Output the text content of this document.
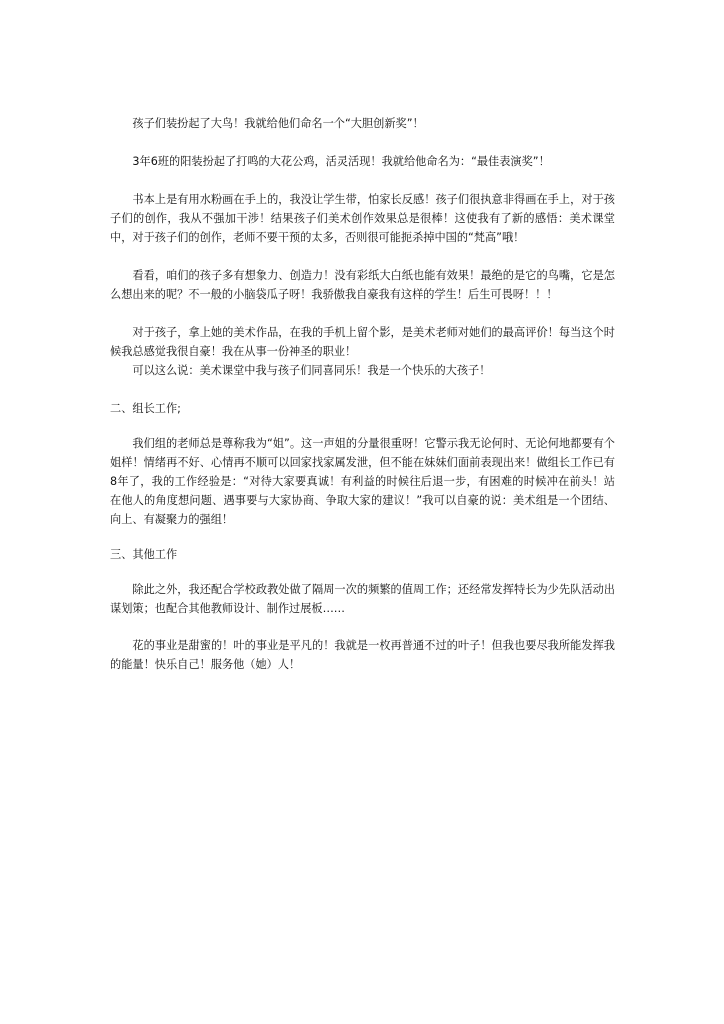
孩子们装扮起了大鸟！我就给他们命名一个“大胆创新奖”！

3年6班的阳装扮起了打鸣的大花公鸡，活灵活现！我就给他命名为：“最佳表演奖”！

书本上是有用水粉画在手上的，我没让学生带，怕家长反感！孩子们很执意非得画在手上，对于孩子们的创作，我从不强加干涉！结果孩子们美术创作效果总是很棒！这使我有了新的感悟：美术课堂中，对于孩子们的创作，老师不要干预的太多，否则很可能扼杀掉中国的“梵高”哦！

看看，咱们的孩子多有想象力、创造力！没有彩纸大白纸也能有效果！最绝的是它的鸟嘴，它是怎么想出来的呢？不一般的小脑袋瓜子呀！我骄傲我自豪我有这样的学生！后生可畏呀！！！

对于孩子，拿上她的美术作品，在我的手机上留个影，是美术老师对她们的最高评价！每当这个时候我总感觉我很自豪！我在从事一份神圣的职业！

可以这么说：美术课堂中我与孩子们同喜同乐！我是一个快乐的大孩子！

二、组长工作;

我们组的老师总是尊称我为“姐”。这一声姐的分量很重呀！它警示我无论何时、无论何地都要有个姐样！情绪再不好、心情再不顺可以回家找家属发泄，但不能在妹妹们面前表现出来！做组长工作已有8年了，我的工作经验是：“对待大家要真诚！有利益的时候往后退一步，有困难的时候冲在前头！站在他人的角度想问题、遇事要与大家协商、争取大家的建议！”我可以自豪的说：美术组是一个团结、向上、有凝聚力的强组！

三、其他工作

除此之外，我还配合学校政教处做了隔周一次的频繁的值周工作；还经常发挥特长为少先队活动出谋划策；也配合其他教师设计、制作过展板……

花的事业是甜蜜的！叶的事业是平凡的！我就是一枚再普通不过的叶子！但我也要尽我所能发挥我的能量！快乐自己！服务他（她）人！
